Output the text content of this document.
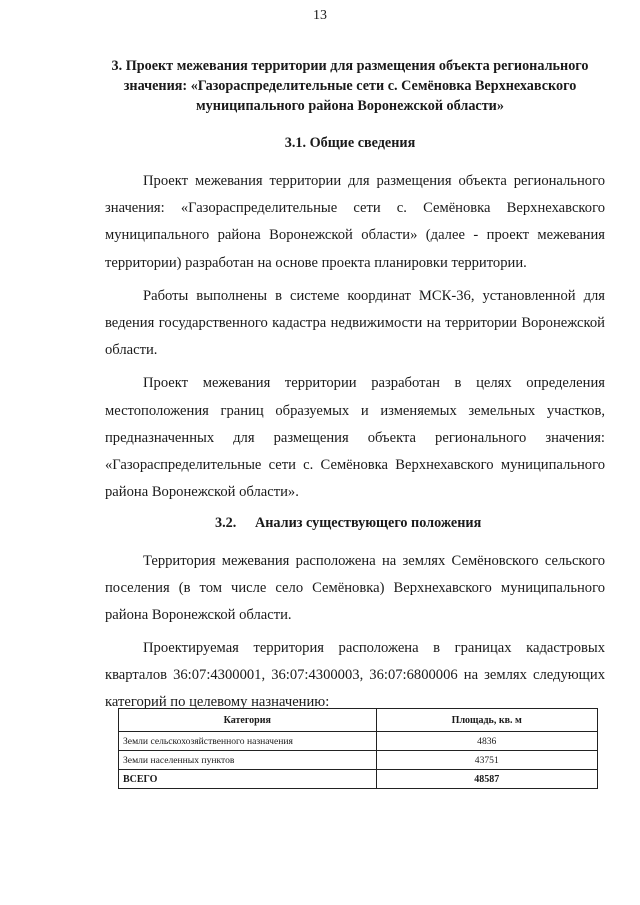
13
3. Проект межевания территории для размещения объекта регионального значения: «Газораспределительные сети с. Семёновка Верхнехавского муниципального района Воронежской области»
3.1. Общие сведения

Проект межевания территории для размещения объекта регионального значения: «Газораспределительные сети с. Семёновка Верхнехавского муниципального района Воронежской области» (далее - проект межевания территории) разработан на основе проекта планировки территории.

Работы выполнены в системе координат МСК-36, установленной для ведения государственного кадастра недвижимости на территории Воронежской области.

Проект межевания территории разработан в целях определения местоположения границ образуемых и изменяемых земельных участков, предназначенных для размещения объекта регионального значения: «Газораспределительные сети с. Семёновка Верхнехавского муниципального района Воронежской области».

3.2. Анализ существующего положения

Территория межевания расположена на землях Семёновского сельского поселения (в том числе село Семёновка) Верхнехавского муниципального района Воронежской области.

Проектируемая территория расположена в границах кадастровых кварталов 36:07:4300001, 36:07:4300003, 36:07:6800006 на землях следующих категорий по целевому назначению:

Категория	Площадь, кв. м
Земли сельскохозяйственного назначения	4836
Земли населенных пунктов	43751
ВСЕГО	48587
